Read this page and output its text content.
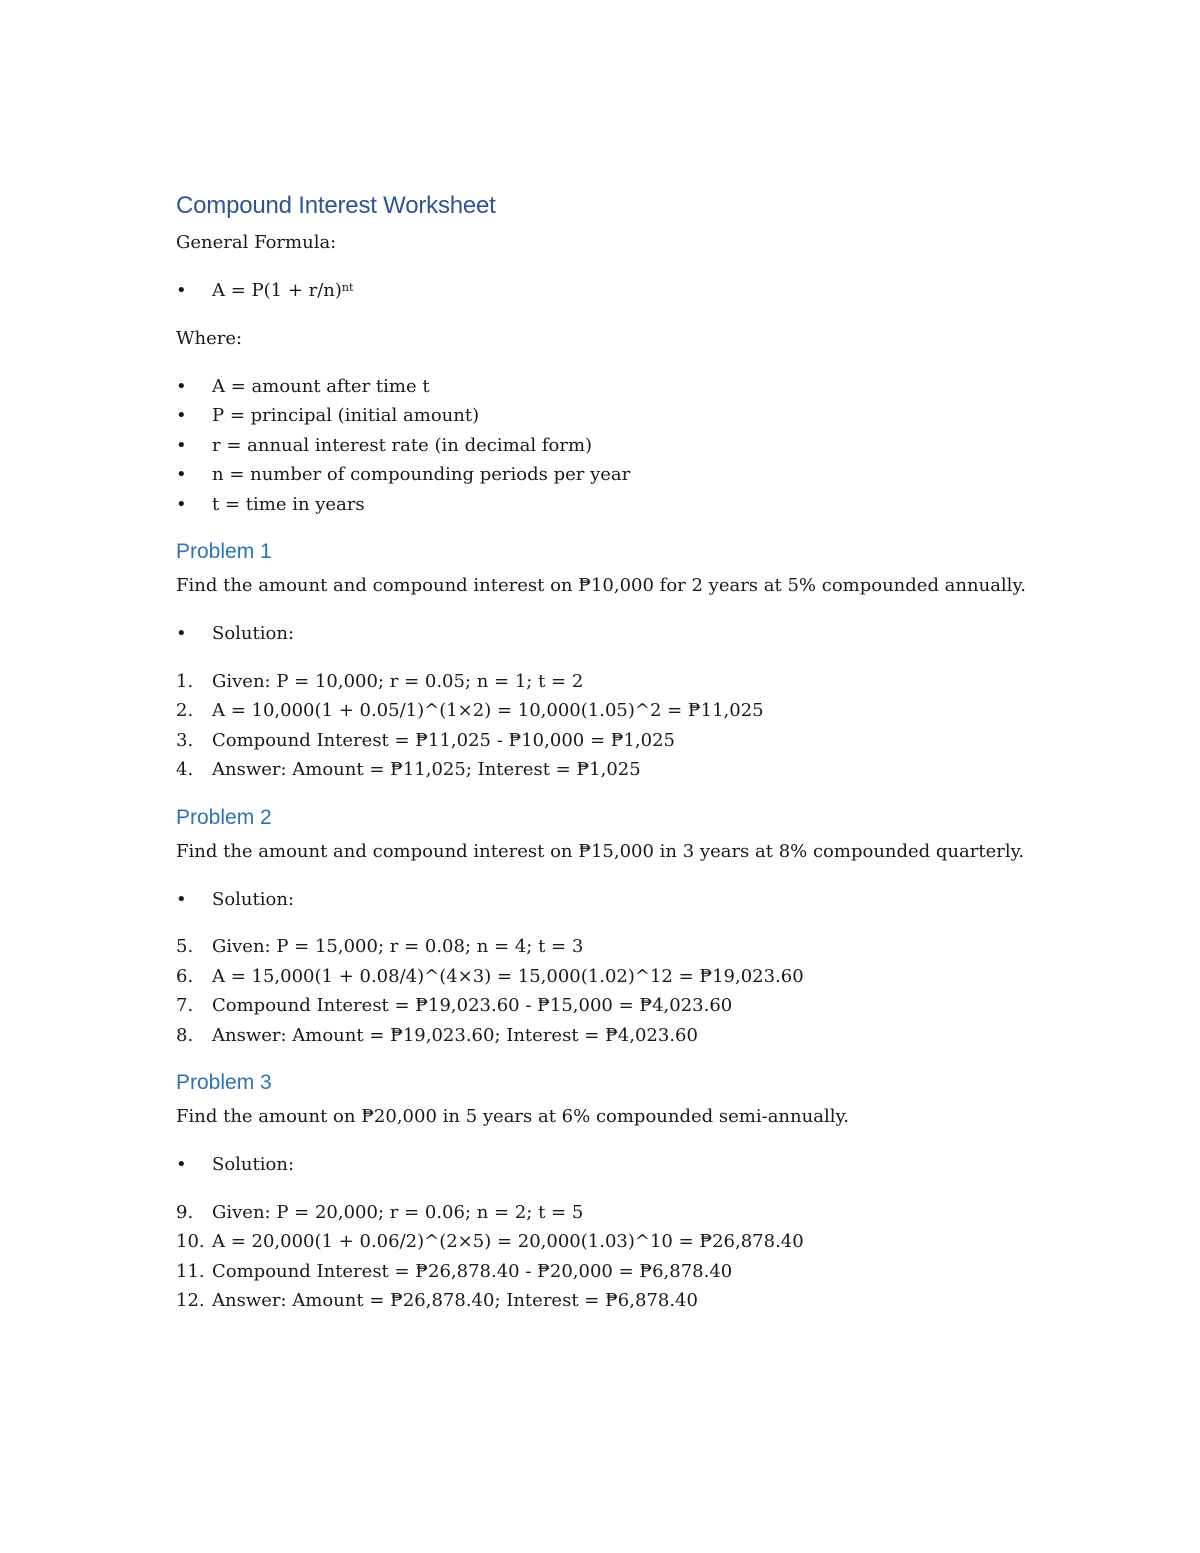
Compound Interest Worksheet

General Formula:

• $A = P(1 + r/n)^{nt}$

Where:

• A = amount after time t
• P = principal (initial amount)
• r = annual interest rate (in decimal form)
• n = number of compounding periods per year
• t = time in years
Problem 1

Find the amount and compound interest on ₱10,000 for 2 years at 5% compounded annually.

• Solution:
1. Given: P = 10,000; r = 0.05; n = 1; t = 2
2. A = 10,000(1 + 0.05/1)^(1×2) = 10,000(1.05)^2 = ₱11,025
3. Compound Interest = ₱11,025 - ₱10,000 = ₱1,025
4. Answer: Amount = ₱11,025; Interest = ₱1,025
Problem 2

Find the amount and compound interest on ₱15,000 in 3 years at 8% compounded quarterly.

• Solution:
5. Given: P = 15,000; r = 0.08; n = 4; t = 3
6. A = 15,000(1 + 0.08/4)^(4×3) = 15,000(1.02)^12 = ₱19,023.60
7. Compound Interest = ₱19,023.60 - ₱15,000 = ₱4,023.60
8. Answer: Amount = ₱19,023.60; Interest = ₱4,023.60
Problem 3

Find the amount on ₱20,000 in 5 years at 6% compounded semi-annually.

• Solution:
9. Given: P = 20,000; r = 0.06; n = 2; t = 5
10. A = 20,000(1 + 0.06/2)^(2×5) = 20,000(1.03)^10 = ₱26,878.40
11. Compound Interest = ₱26,878.40 - ₱20,000 = ₱6,878.40
12. Answer: Amount = ₱26,878.40; Interest = ₱6,878.40
